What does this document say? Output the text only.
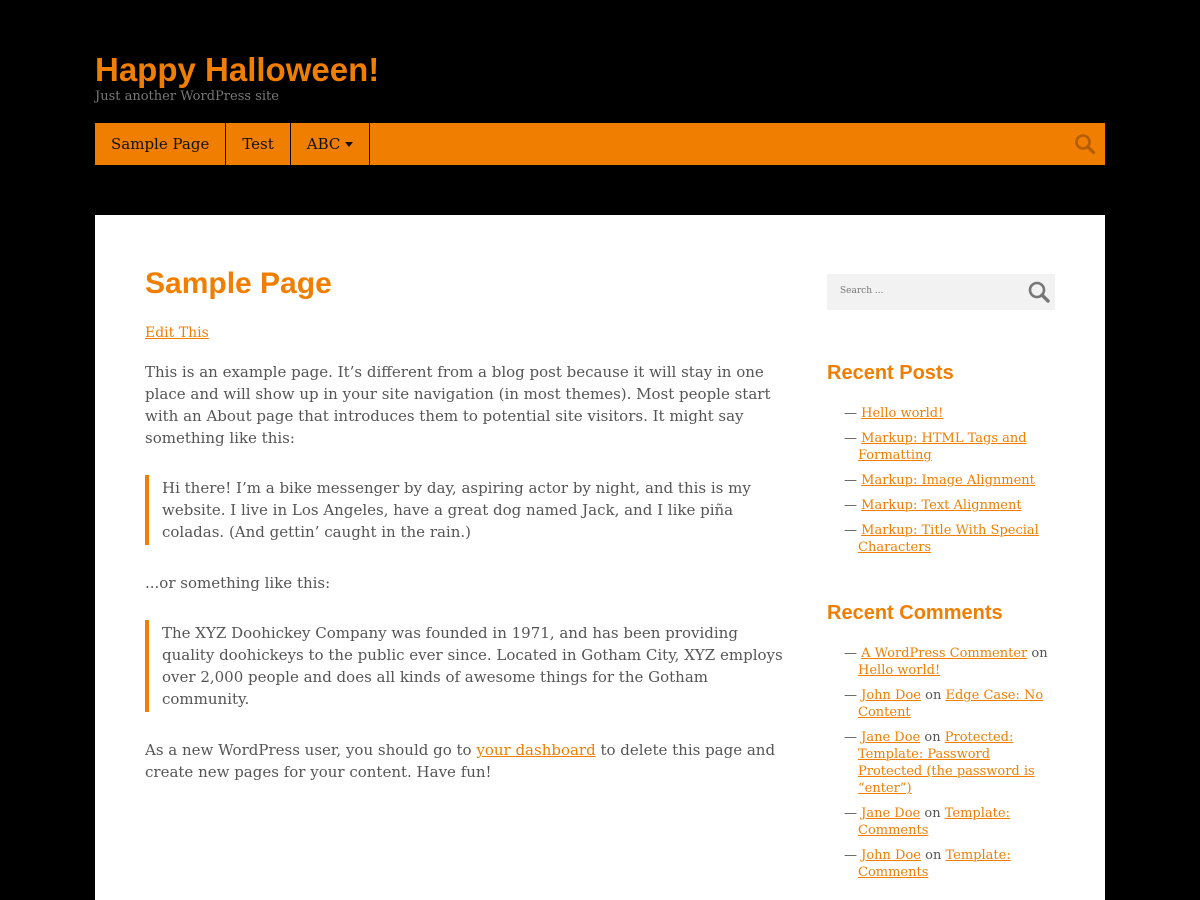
Happy Halloween!
Just another WordPress site
Sample Page Test ABC
Sample Page
Edit This

This is an example page. It’s different from a blog post because it will stay in one place and will show up in your site navigation (in most themes). Most people start with an About page that introduces them to potential site visitors. It might say something like this:

Hi there! I’m a bike messenger by day, aspiring actor by night, and this is my website. I live in Los Angeles, have a great dog named Jack, and I like piña coladas. (And gettin’ caught in the rain.)

...or something like this:

The XYZ Doohickey Company was founded in 1971, and has been providing quality doohickeys to the public ever since. Located in Gotham City, XYZ employs over 2,000 people and does all kinds of awesome things for the Gotham community.

As a new WordPress user, you should go to your dashboard to delete this page and create new pages for your content. Have fun!

Search ...
Recent Posts
— Hello world!
— Markup: HTML Tags and Formatting
— Markup: Image Alignment
— Markup: Text Alignment
— Markup: Title With Special Characters
Recent Comments
— A WordPress Commenter on Hello world!
— John Doe on Edge Case: No Content
— Jane Doe on Protected: Template: Password Protected (the password is “enter”)
— Jane Doe on Template: Comments
— John Doe on Template: Comments
